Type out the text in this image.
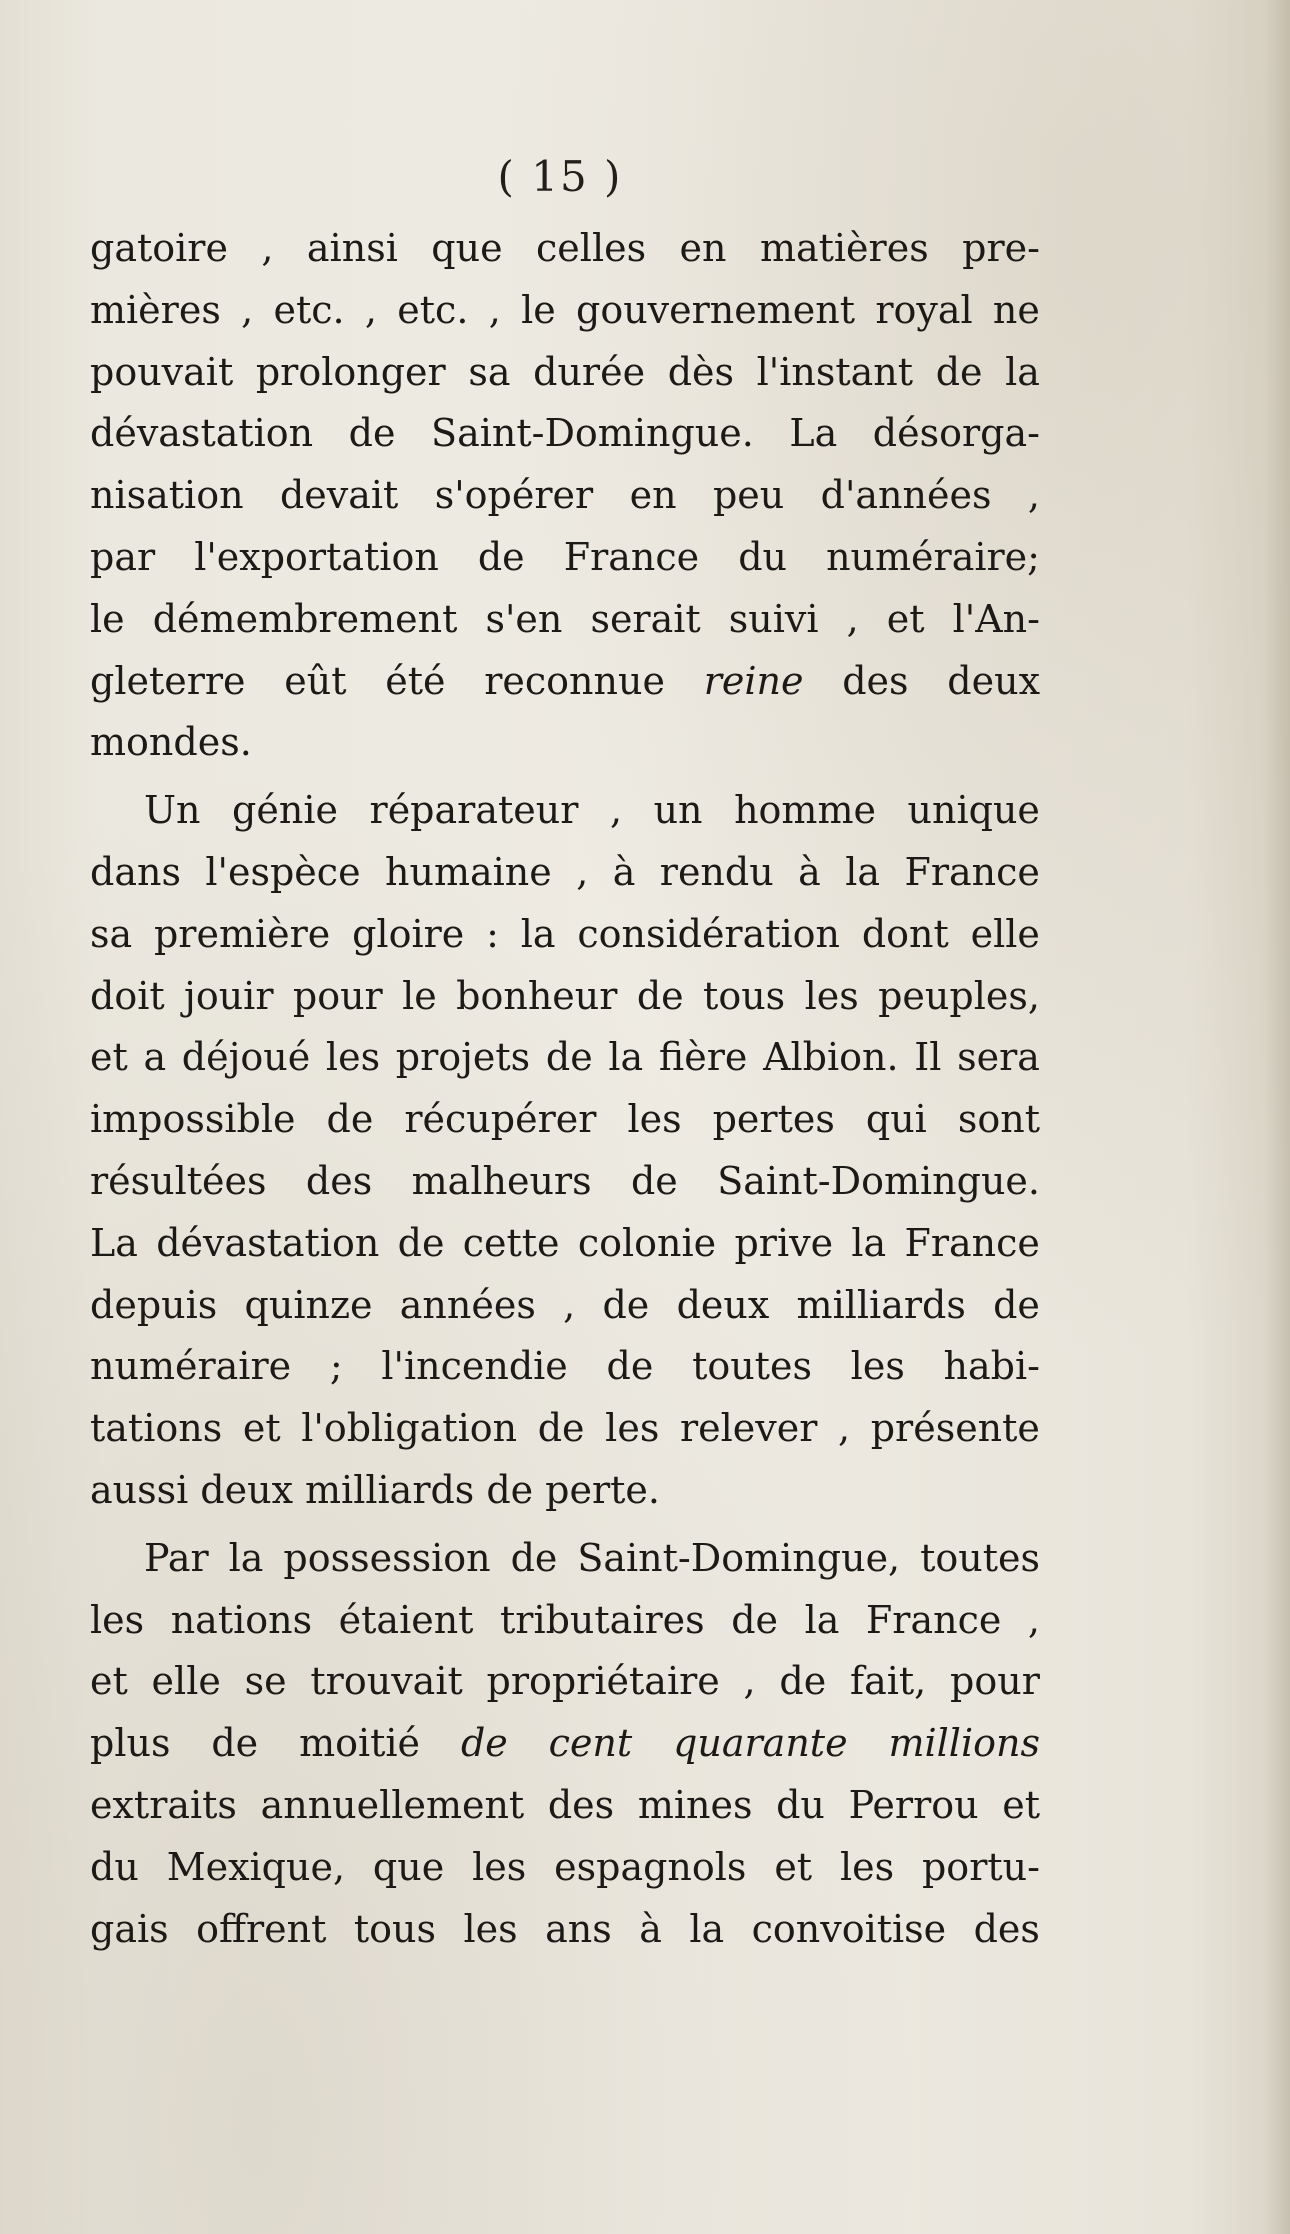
( 15 )
gatoire , ainsi que celles en matières pre-
mières , etc. , etc. , le gouvernement royal ne
pouvait prolonger sa durée dès l'instant de la
dévastation de Saint-Domingue. La désorga-
nisation devait s'opérer en peu d'années ,
par l'exportation de France du numéraire;
le démembrement s'en serait suivi , et l'An-
gleterre eût été reconnue reine des deux
mondes.
Un génie réparateur , un homme unique
dans l'espèce humaine , à rendu à la France
sa première gloire : la considération dont elle
doit jouir pour le bonheur de tous les peuples,
et a déjoué les projets de la fière Albion. Il sera
impossible de récupérer les pertes qui sont
résultées des malheurs de Saint-Domingue.
La dévastation de cette colonie prive la France
depuis quinze années , de deux milliards de
numéraire ; l'incendie de toutes les habi-
tations et l'obligation de les relever , présente
aussi deux milliards de perte.
Par la possession de Saint-Domingue, toutes
les nations étaient tributaires de la France ,
et elle se trouvait propriétaire , de fait, pour
plus de moitié de cent quarante millions
extraits annuellement des mines du Perrou et
du Mexique, que les espagnols et les portu-
gais offrent tous les ans à la convoitise des
